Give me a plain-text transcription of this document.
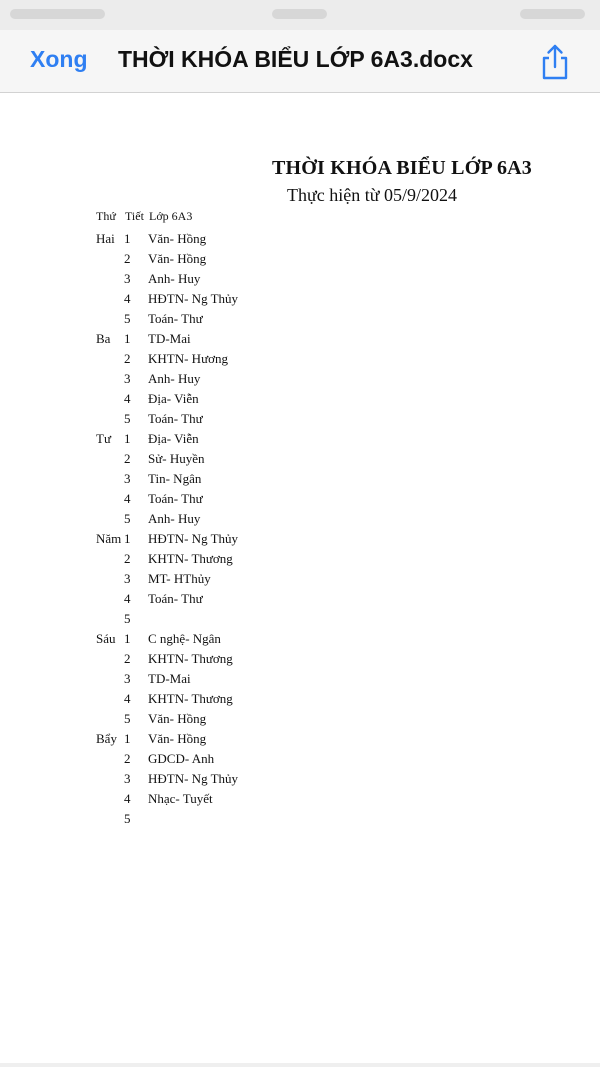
Xong THỜI KHÓA BIỂU LỚP 6A3.docx
THỜI KHÓA BIỂU LỚP 6A3
Thực hiện từ 05/9/2024
Thứ Tiết Lớp 6A3
Hai 1 Văn- Hồng
2 Văn- Hồng
3 Anh- Huy
4 HĐTN- Ng Thủy
5 Toán- Thư
Ba 1 TD-Mai
2 KHTN- Hương
3 Anh- Huy
4 Địa- Viễn
5 Toán- Thư
Tư 1 Địa- Viễn
2 Sử- Huyền
3 Tin- Ngân
4 Toán- Thư
5 Anh- Huy
Năm 1 HĐTN- Ng Thủy
2 KHTN- Thương
3 MT- HThủy
4 Toán- Thư
5
Sáu 1 C nghệ- Ngân
2 KHTN- Thương
3 TD-Mai
4 KHTN- Thương
5 Văn- Hồng
Bẩy 1 Văn- Hồng
2 GDCD- Anh
3 HĐTN- Ng Thủy
4 Nhạc- Tuyết
5
